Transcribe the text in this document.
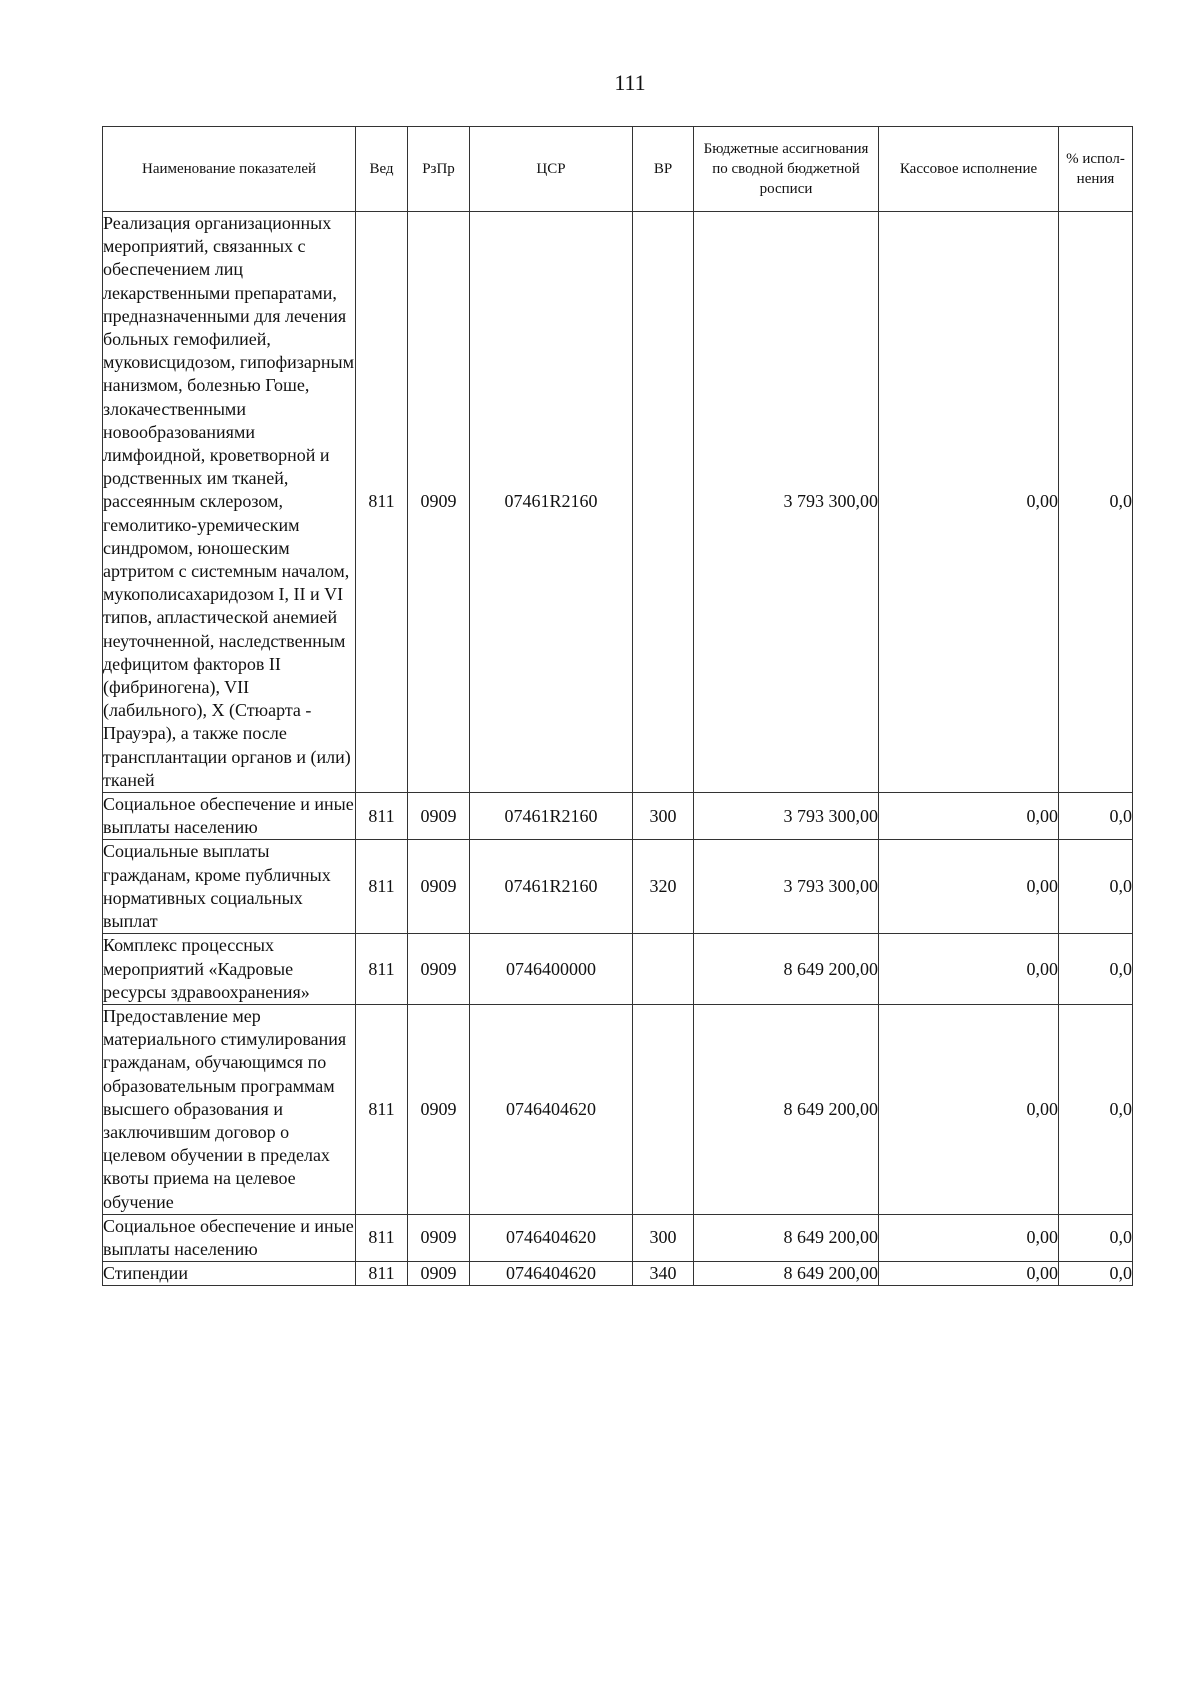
111
Наименование показателей	Вед	РзПр	ЦСР	ВР	Бюджетные ассигнования по сводной бюджетной росписи	Кассовое исполнение	% испол-нения
Реализация организационных мероприятий, связанных с обеспечением лиц лекарственными препаратами, предназначенными для лечения больных гемофилией, муковисцидозом, гипофизарным нанизмом, болезнью Гоше, злокачественными новообразованиями лимфоидной, кроветворной и родственных им тканей, рассеянным склерозом, гемолитико-уремическим синдромом, юношеским артритом с системным началом, мукополисахаридозом I, II и VI типов, апластической анемией неуточненной, наследственным дефицитом факторов II (фибриногена), VII (лабильного), X (Стюарта - Прауэра), а также после трансплантации органов и (или) тканей	811	0909	07461R2160		3 793 300,00	0,00	0,0
Социальное обеспечение и иные выплаты населению	811	0909	07461R2160	300	3 793 300,00	0,00	0,0
Социальные выплаты гражданам, кроме публичных нормативных социальных выплат	811	0909	07461R2160	320	3 793 300,00	0,00	0,0
Комплекс процессных мероприятий «Кадровые ресурсы здравоохранения»	811	0909	0746400000		8 649 200,00	0,00	0,0
Предоставление мер материального стимулирования гражданам, обучающимся по образовательным программам высшего образования и заключившим договор о целевом обучении в пределах квоты приема на целевое обучение	811	0909	0746404620		8 649 200,00	0,00	0,0
Социальное обеспечение и иные выплаты населению	811	0909	0746404620	300	8 649 200,00	0,00	0,0
Стипендии	811	0909	0746404620	340	8 649 200,00	0,00	0,0
